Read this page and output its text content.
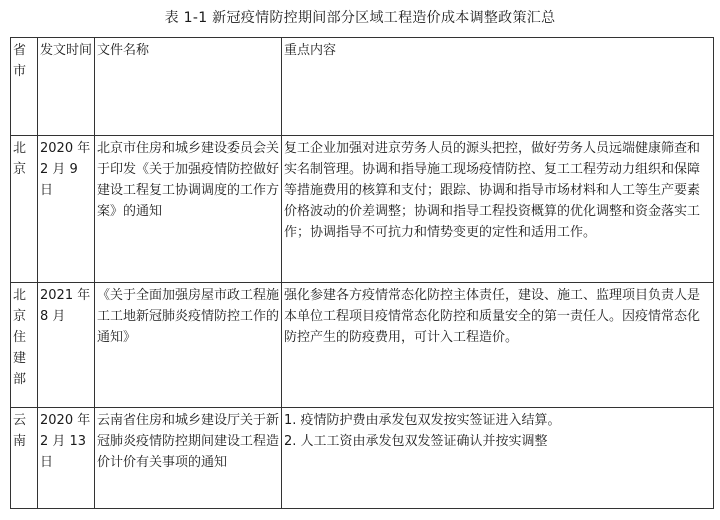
表 1-1 新冠疫情防控期间部分区域工程造价成本调整政策汇总
省市	发文时间	文件名称	重点内容
北京	2020 年 2 月 9 日	北京市住房和城乡建设委员会关于印发《关于加强疫情防控做好建设工程复工协调调度的工作方案》的通知	复工企业加强对进京劳务人员的源头把控，做好劳务人员远端健康筛查和实名制管理。协调和指导施工现场疫情防控、复工工程劳动力组织和保障等措施费用的核算和支付；跟踪、协调和指导市场材料和人工等生产要素价格波动的价差调整；协调和指导工程投资概算的优化调整和资金落实工作；协调指导不可抗力和情势变更的定性和适用工作。

北京住建部	2021 年 8 月	《关于全面加强房屋市政工程施工工地新冠肺炎疫情防控工作的通知》	强化参建各方疫情常态化防控主体责任，建设、施工、监理项目负责人是本单位工程项目疫情常态化防控和质量安全的第一责任人。因疫情常态化防控产生的防疫费用，可计入工程造价。

云南	2020 年 2 月 13 日	云南省住房和城乡建设厅关于新冠肺炎疫情防控期间建设工程造价计价有关事项的通知	1. 疫情防护费由承发包双发按实签证进入结算。

2. 人工工资由承发包双发签证确认并按实调整
